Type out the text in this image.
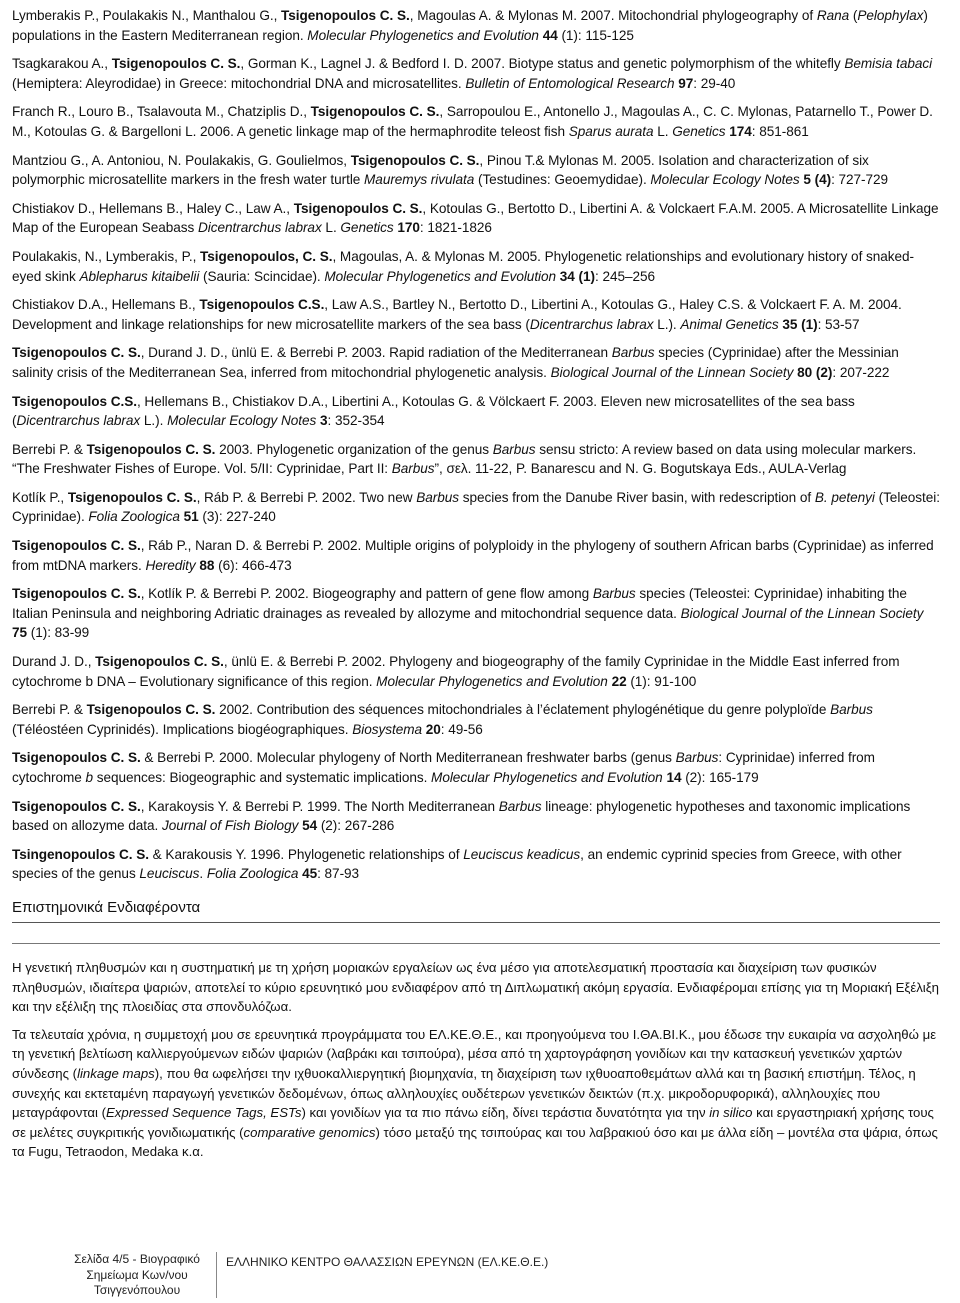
Lymberakis P., Poulakakis N., Manthalou G., Tsigenopoulos C. S., Magoulas A. & Mylonas M. 2007. Mitochondrial phylogeography of Rana (Pelophylax) populations in the Eastern Mediterranean region. Molecular Phylogenetics and Evolution 44 (1): 115-125

Tsagkarakou A., Tsigenopoulos C. S., Gorman K., Lagnel J. & Bedford I. D. 2007. Biotype status and genetic polymorphism of the whitefly Bemisia tabaci (Hemiptera: Aleyrodidae) in Greece: mitochondrial DNA and microsatellites. Bulletin of Entomological Research 97: 29-40

Franch R., Louro B., Tsalavouta M., Chatziplis D., Tsigenopoulos C. S., Sarropoulou E., Antonello J., Magoulas A., C. C. Mylonas, Patarnello T., Power D. M., Kotoulas G. & Bargelloni L. 2006. A genetic linkage map of the hermaphrodite teleost fish Sparus aurata L. Genetics 174: 851-861

Mantziou G., A. Antoniou, N. Poulakakis, G. Goulielmos, Tsigenopoulos C. S., Pinou T.& Mylonas M. 2005. Isolation and characterization of six polymorphic microsatellite markers in the fresh water turtle Mauremys rivulata (Testudines: Geoemydidae). Molecular Ecology Notes 5 (4): 727-729

Chistiakov D., Hellemans B., Haley C., Law A., Tsigenopoulos C. S., Kotoulas G., Bertotto D., Libertini A. & Volckaert F.A.M. 2005. A Microsatellite Linkage Map of the European Seabass Dicentrarchus labrax L. Genetics 170: 1821-1826

Poulakakis, N., Lymberakis, P., Tsigenopoulos, C. S., Magoulas, A. & Mylonas M. 2005. Phylogenetic relationships and evolutionary history of snaked-eyed skink Ablepharus kitaibelii (Sauria: Scincidae). Molecular Phylogenetics and Evolution 34 (1): 245–256

Chistiakov D.A., Hellemans B., Tsigenopoulos C.S., Law A.S., Bartley N., Bertotto D., Libertini A., Kotoulas G., Haley C.S. & Volckaert F. A. M. 2004. Development and linkage relationships for new microsatellite markers of the sea bass (Dicentrarchus labrax L.). Animal Genetics 35 (1): 53-57

Tsigenopoulos C. S., Durand J. D., ünlü E. & Berrebi P. 2003. Rapid radiation of the Mediterranean Barbus species (Cyprinidae) after the Messinian salinity crisis of the Mediterranean Sea, inferred from mitochondrial phylogenetic analysis. Biological Journal of the Linnean Society 80 (2): 207-222

Tsigenopoulos C.S., Hellemans B., Chistiakov D.A., Libertini A., Kotoulas G. & Völckaert F. 2003. Eleven new microsatellites of the sea bass (Dicentrarchus labrax L.). Molecular Ecology Notes 3: 352-354

Berrebi P. & Tsigenopoulos C. S. 2003. Phylogenetic organization of the genus Barbus sensu stricto: A review based on data using molecular markers. “The Freshwater Fishes of Europe. Vol. 5/II: Cyprinidae, Part II: Barbus”, σελ. 11-22, P. Banarescu and N. G. Bogutskaya Eds., AULA-Verlag

Kotlík P., Tsigenopoulos C. S., Ráb P. & Berrebi P. 2002. Two new Barbus species from the Danube River basin, with redescription of B. petenyi (Teleostei: Cyprinidae). Folia Zoologica 51 (3): 227-240

Tsigenopoulos C. S., Ráb P., Naran D. & Berrebi P. 2002. Multiple origins of polyploidy in the phylogeny of southern African barbs (Cyprinidae) as inferred from mtDNA markers. Heredity 88 (6): 466-473

Tsigenopoulos C. S., Kotlík P. & Berrebi P. 2002. Biogeography and pattern of gene flow among Barbus species (Teleostei: Cyprinidae) inhabiting the Italian Peninsula and neighboring Adriatic drainages as revealed by allozyme and mitochondrial sequence data. Biological Journal of the Linnean Society 75 (1): 83-99

Durand J. D., Tsigenopoulos C. S., ünlü E. & Berrebi P. 2002. Phylogeny and biogeography of the family Cyprinidae in the Middle East inferred from cytochrome b DNA – Evolutionary significance of this region. Molecular Phylogenetics and Evolution 22 (1): 91-100

Berrebi P. & Tsigenopoulos C. S. 2002. Contribution des séquences mitochondriales à l’éclatement phylogénétique du genre polyploïde Barbus (Téléostéen Cyprinidés). Implications biogéographiques. Biosystema 20: 49-56

Tsigenopoulos C. S. & Berrebi P. 2000. Molecular phylogeny of North Mediterranean freshwater barbs (genus Barbus: Cyprinidae) inferred from cytochrome b sequences: Biogeographic and systematic implications. Molecular Phylogenetics and Evolution 14 (2): 165-179

Tsigenopoulos C. S., Karakoysis Y. & Berrebi P. 1999. The North Mediterranean Barbus lineage: phylogenetic hypotheses and taxonomic implications based on allozyme data. Journal of Fish Biology 54 (2): 267-286

Tsingenopoulos C. S. & Karakousis Y. 1996. Phylogenetic relationships of Leuciscus keadicus, an endemic cyprinid species from Greece, with other species of the genus Leuciscus. Folia Zoologica 45: 87-93

Επιστημονικά Ενδιαφέροντα

Η γενετική πληθυσμών και η συστηματική με τη χρήση μοριακών εργαλείων ως ένα μέσο για αποτελεσματική προστασία και διαχείριση των φυσικών πληθυσμών, ιδιαίτερα ψαριών, αποτελεί το κύριο ερευνητικό μου ενδιαφέρον από τη Διπλωματική ακόμη εργασία. Ενδιαφέρομαι επίσης για τη Μοριακή Εξέλιξη και την εξέλιξη της πλοειδίας στα σπονδυλόζωα.

Τα τελευταία χρόνια, η συμμετοχή μου σε ερευνητικά προγράμματα του ΕΛ.ΚΕ.Θ.Ε., και προηγούμενα του Ι.ΘΑ.ΒΙ.Κ., μου έδωσε την ευκαιρία να ασχοληθώ με τη γενετική βελτίωση καλλιεργούμενων ειδών ψαριών (λαβράκι και τσιπούρα), μέσα από τη χαρτογράφηση γονιδίων και την κατασκευή γενετικών χαρτών σύνδεσης (linkage maps), που θα ωφελήσει την ιχθυοκαλλιεργητική βιομηχανία, τη διαχείριση των ιχθυοαποθεμάτων αλλά και τη βασική επιστήμη. Τέλος, η συνεχής και εκτεταμένη παραγωγή γενετικών δεδομένων, όπως αλληλουχίες ουδέτερων γενετικών δεικτών (π.χ. μικροδορυφορικά), αλληλουχίες που μεταγράφονται (Expressed Sequence Tags, ESTs) και γονιδίων για τα πιο πάνω είδη, δίνει τεράστια δυνατότητα για την in silico και εργαστηριακή χρήσης τους σε μελέτες συγκριτικής γονιδιωματικής (comparative genomics) τόσο μεταξύ της τσιπούρας και του λαβρακιού όσο και με άλλα είδη – μοντέλα στα ψάρια, όπως τα Fugu, Tetraodon, Medaka κ.α.

Σελίδα 4/5 - Βιογραφικό Σημείωμα Κων/νου Τσιγγενόπουλου
ΕΛΛΗΝΙΚΟ ΚΕΝΤΡΟ ΘΑΛΑΣΣΙΩΝ ΕΡΕΥΝΩΝ (ΕΛ.ΚΕ.Θ.Ε.)
